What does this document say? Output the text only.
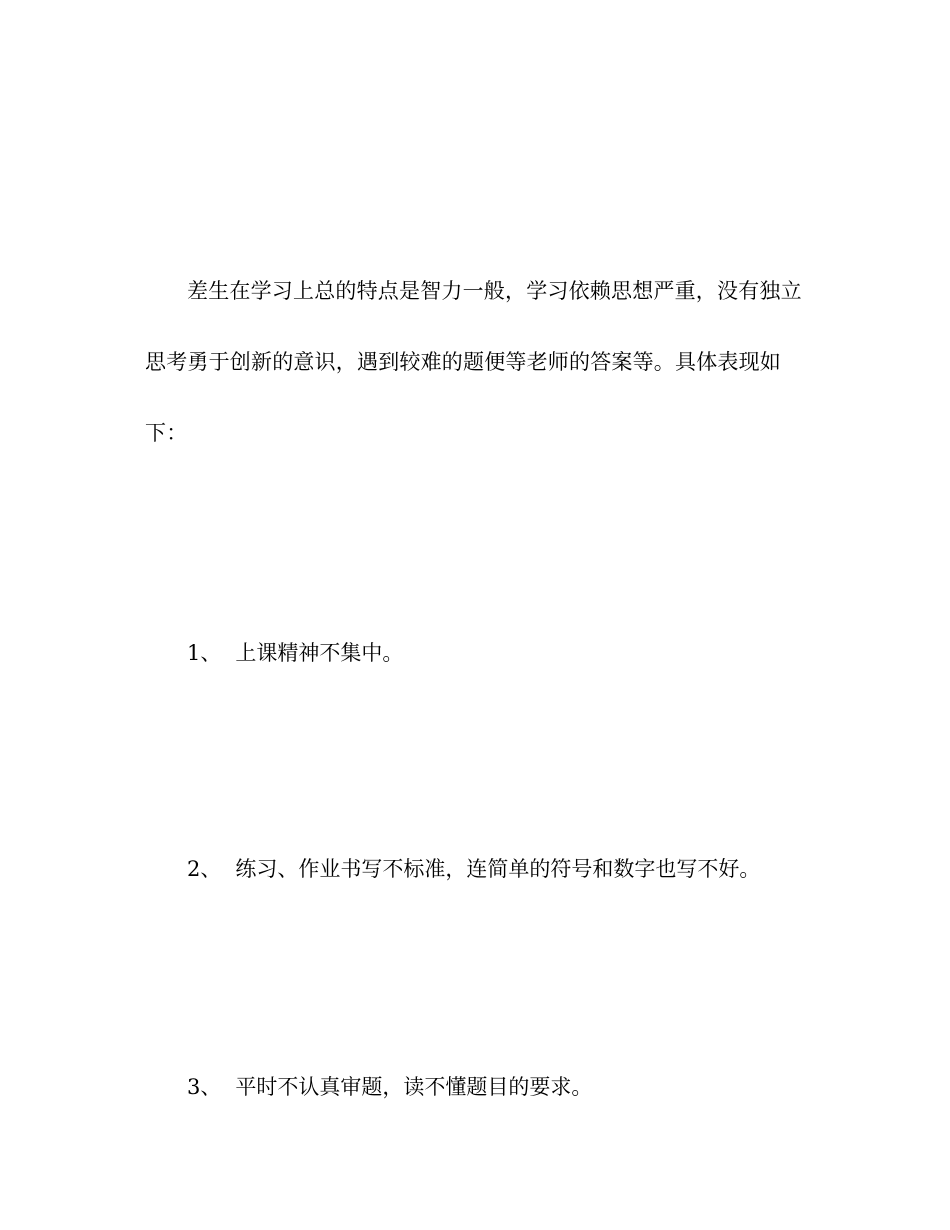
差生在学习上总的特点是智力一般，学习依赖思想严重，没有独立思考勇于创新的意识，遇到较难的题便等老师的答案等。具体表现如下：

1、 上课精神不集中。

2、 练习、作业书写不标准，连简单的符号和数字也写不好。

3、 平时不认真审题，读不懂题目的要求。
